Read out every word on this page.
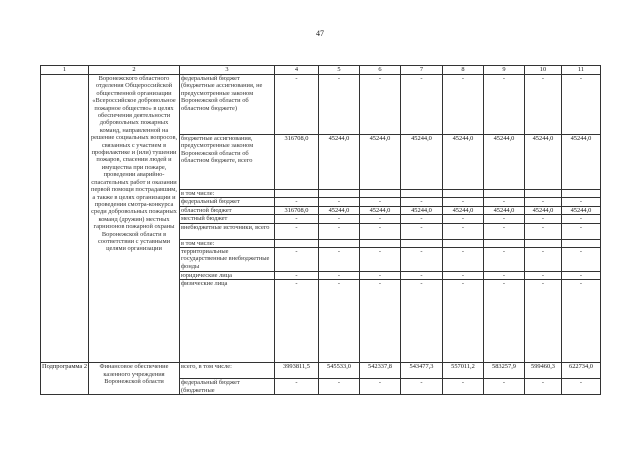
47
1	2	3	4	5	6	7	8	9	10	11
	Воронежского областного отделения Общероссийской общественной организации «Всероссийское добровольное пожарное общество» в целях обеспечения деятельности добровольных пожарных команд, направленной на решение социальных вопросов, связанных с участием в профилактике и (или) тушении пожаров, спасении людей и имущества при пожаре, проведении аварийно-спасательных работ и оказании первой помощи пострадавшим, а также в целях организации и проведения смотра-конкурса среди добровольных пожарных команд (дружин) местных гарнизонов пожарной охраны Воронежской области в соответствии с уставными целями организации	федеральный бюджет (бюджетные ассигнования, не предусмотренные законом Воронежской области об областном бюджете)	-	-	-	-	-	-	-	-
		бюджетные ассигнования, предусмотренные законом Воронежской области об областном бюджете, всего	316708,0	45244,0	45244,0	45244,0	45244,0	45244,0	45244,0	45244,0
		в том числе:								
		федеральный бюджет	-	-	-	-	-	-	-	-
		областной бюджет	316708,0	45244,0	45244,0	45244,0	45244,0	45244,0	45244,0	45244,0
		местный бюджет	-	-	-	-	-	-	-	-
		внебюджетные источники, всего	-	-	-	-	-	-	-	-
		в том числе:								
		территориальные государственные внебюджетные фонды	-	-	-	-	-	-	-	-
		юридические лица	-	-	-	-	-	-	-	-
		физические лица	-	-	-	-	-	-	-	-
Подпрограмма 2	Финансовое обеспечение казенного учреждения Воронежской области	всего, в том числе:	3993811,5	545533,0	542337,8	543477,3	557011,2	583257,9	599460,3	622734,0
		федеральный бюджет (бюджетные	-	-	-	-	-	-	-	-
